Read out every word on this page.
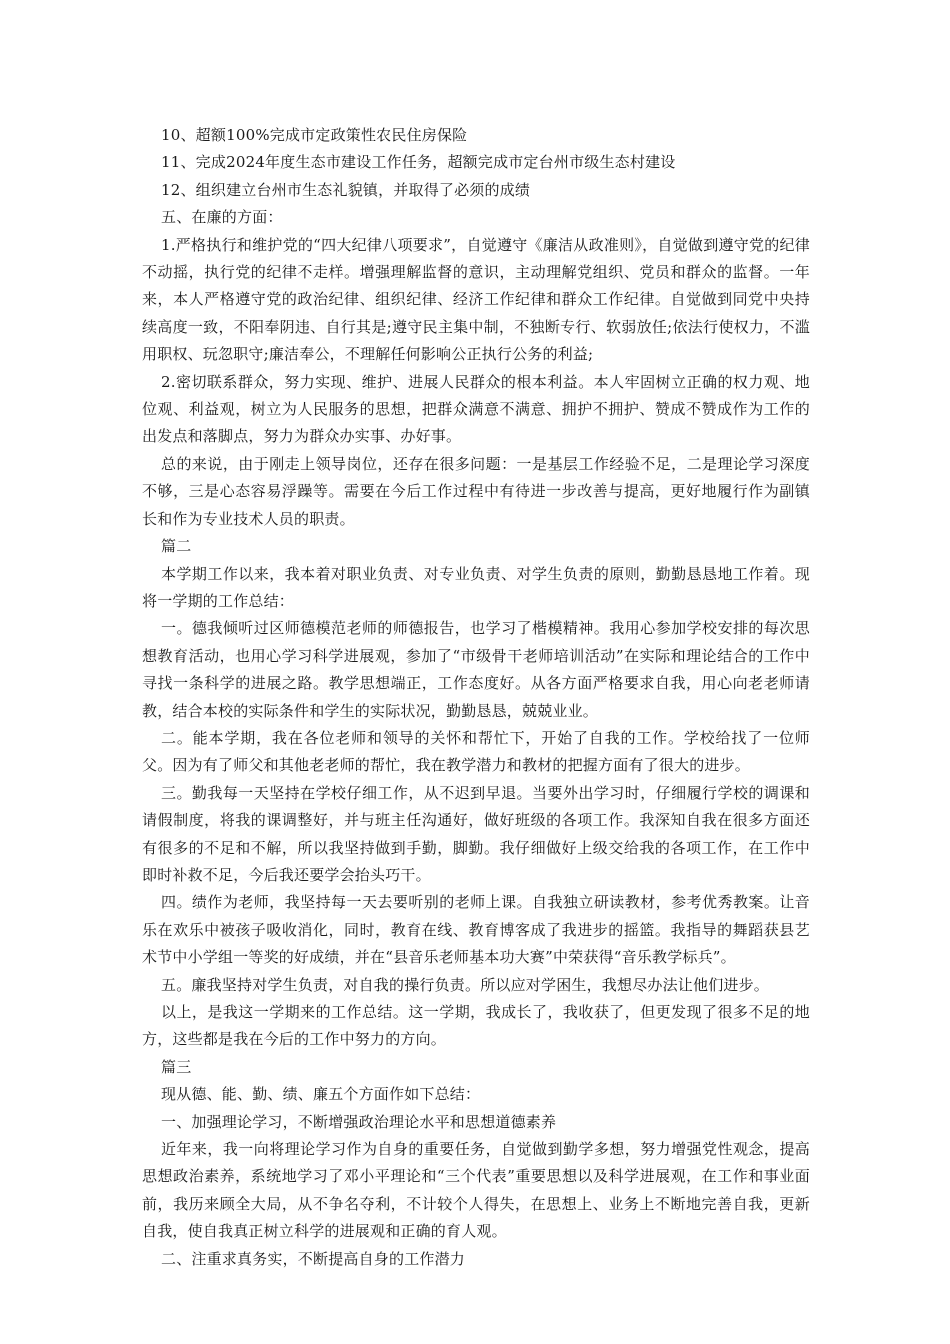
10、超额100%完成市定政策性农民住房保险

11、完成2024年度生态市建设工作任务，超额完成市定台州市级生态村建设

12、组织建立台州市生态礼貌镇，并取得了必须的成绩

五、在廉的方面：

1.严格执行和维护党的“四大纪律八项要求”，自觉遵守《廉洁从政准则》，自觉做到遵守党的纪律不动摇，执行党的纪律不走样。增强理解监督的意识，主动理解党组织、党员和群众的监督。一年来，本人严格遵守党的政治纪律、组织纪律、经济工作纪律和群众工作纪律。自觉做到同党中央持续高度一致，不阳奉阴违、自行其是;遵守民主集中制，不独断专行、软弱放任;依法行使权力，不滥用职权、玩忽职守;廉洁奉公，不理解任何影响公正执行公务的利益;

2.密切联系群众，努力实现、维护、进展人民群众的根本利益。本人牢固树立正确的权力观、地位观、利益观，树立为人民服务的思想，把群众满意不满意、拥护不拥护、赞成不赞成作为工作的出发点和落脚点，努力为群众办实事、办好事。

总的来说，由于刚走上领导岗位，还存在很多问题：一是基层工作经验不足，二是理论学习深度不够，三是心态容易浮躁等。需要在今后工作过程中有待进一步改善与提高，更好地履行作为副镇长和作为专业技术人员的职责。

篇二

本学期工作以来，我本着对职业负责、对专业负责、对学生负责的原则，勤勤恳恳地工作着。现将一学期的工作总结：

一。德我倾听过区师德模范老师的师德报告，也学习了楷模精神。我用心参加学校安排的每次思想教育活动，也用心学习科学进展观，参加了“市级骨干老师培训活动”在实际和理论结合的工作中寻找一条科学的进展之路。教学思想端正，工作态度好。从各方面严格要求自我，用心向老老师请教，结合本校的实际条件和学生的实际状况，勤勤恳恳，兢兢业业。

二。能本学期，我在各位老师和领导的关怀和帮忙下，开始了自我的工作。学校给找了一位师父。因为有了师父和其他老老师的帮忙，我在教学潜力和教材的把握方面有了很大的进步。

三。勤我每一天坚持在学校仔细工作，从不迟到早退。当要外出学习时，仔细履行学校的调课和请假制度，将我的课调整好，并与班主任沟通好，做好班级的各项工作。我深知自我在很多方面还有很多的不足和不解，所以我坚持做到手勤，脚勤。我仔细做好上级交给我的各项工作，在工作中即时补救不足，今后我还要学会抬头巧干。

四。绩作为老师，我坚持每一天去要听别的老师上课。自我独立研读教材，参考优秀教案。让音乐在欢乐中被孩子吸收消化，同时，教育在线、教育博客成了我进步的摇篮。我指导的舞蹈获县艺术节中小学组一等奖的好成绩，并在“县音乐老师基本功大赛”中荣获得“音乐教学标兵”。

五。廉我坚持对学生负责，对自我的操行负责。所以应对学困生，我想尽办法让他们进步。

以上，是我这一学期来的工作总结。这一学期，我成长了，我收获了，但更发现了很多不足的地方，这些都是我在今后的工作中努力的方向。

篇三

现从德、能、勤、绩、廉五个方面作如下总结：

一、加强理论学习，不断增强政治理论水平和思想道德素养

近年来，我一向将理论学习作为自身的重要任务，自觉做到勤学多想，努力增强党性观念，提高思想政治素养，系统地学习了邓小平理论和“三个代表”重要思想以及科学进展观，在工作和事业面前，我历来顾全大局，从不争名夺利，不计较个人得失，在思想上、业务上不断地完善自我，更新自我，使自我真正树立科学的进展观和正确的育人观。

二、注重求真务实，不断提高自身的工作潜力
